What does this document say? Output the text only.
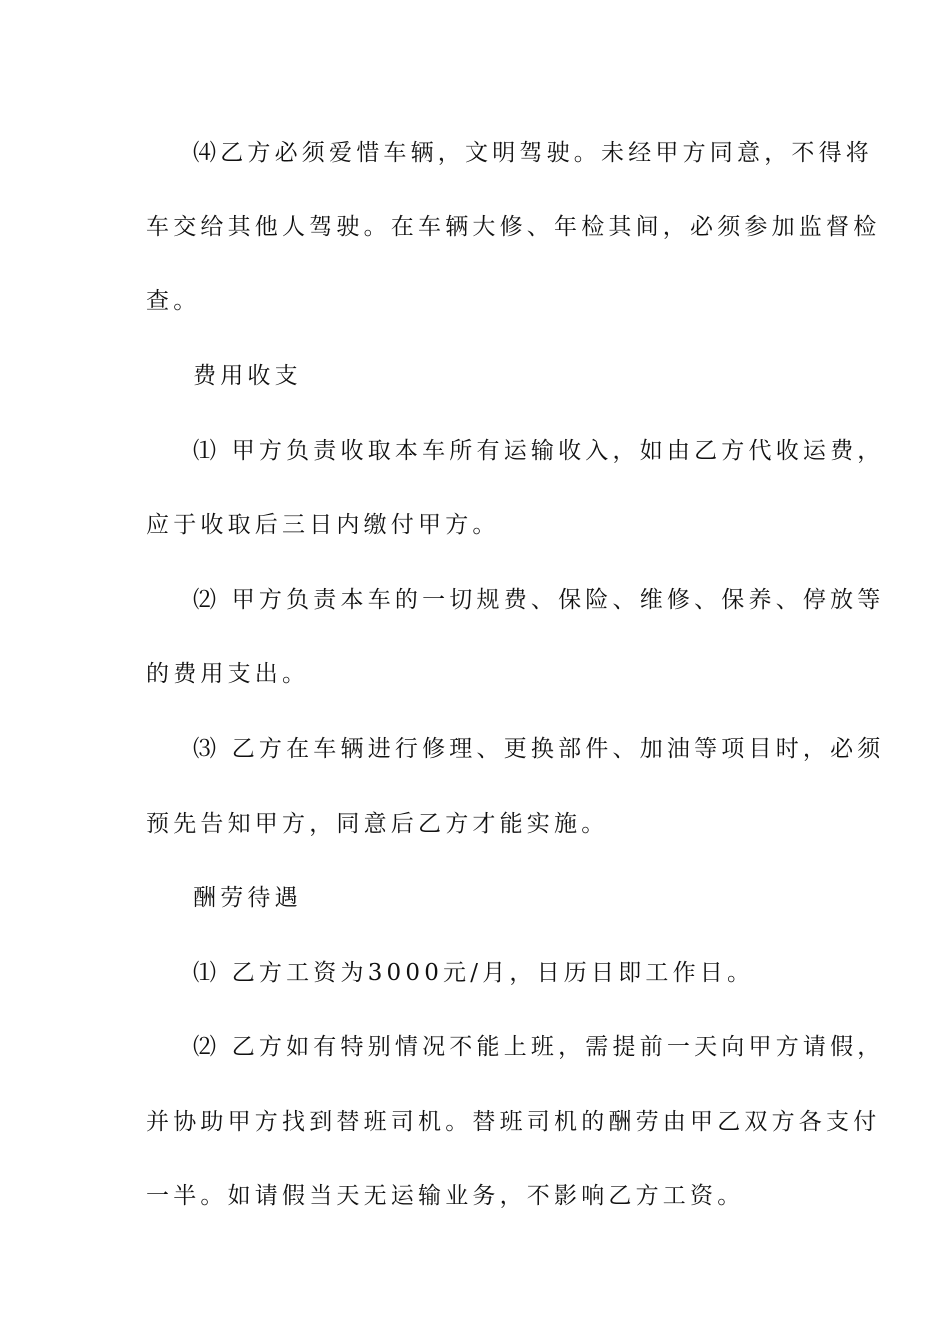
⑷乙方必须爱惜车辆，文明驾驶。未经甲方同意，不得将
车交给其他人驾驶。在车辆大修、年检其间，必须参加监督检
查。
费用收支
⑴ 甲方负责收取本车所有运输收入，如由乙方代收运费，
应于收取后三日内缴付甲方。
⑵ 甲方负责本车的一切规费、保险、维修、保养、停放等
的费用支出。
⑶ 乙方在车辆进行修理、更换部件、加油等项目时，必须
预先告知甲方，同意后乙方才能实施。
酬劳待遇
⑴ 乙方工资为3000元/月，日历日即工作日。
⑵ 乙方如有特别情况不能上班，需提前一天向甲方请假，
并协助甲方找到替班司机。替班司机的酬劳由甲乙双方各支付
一半。如请假当天无运输业务，不影响乙方工资。
